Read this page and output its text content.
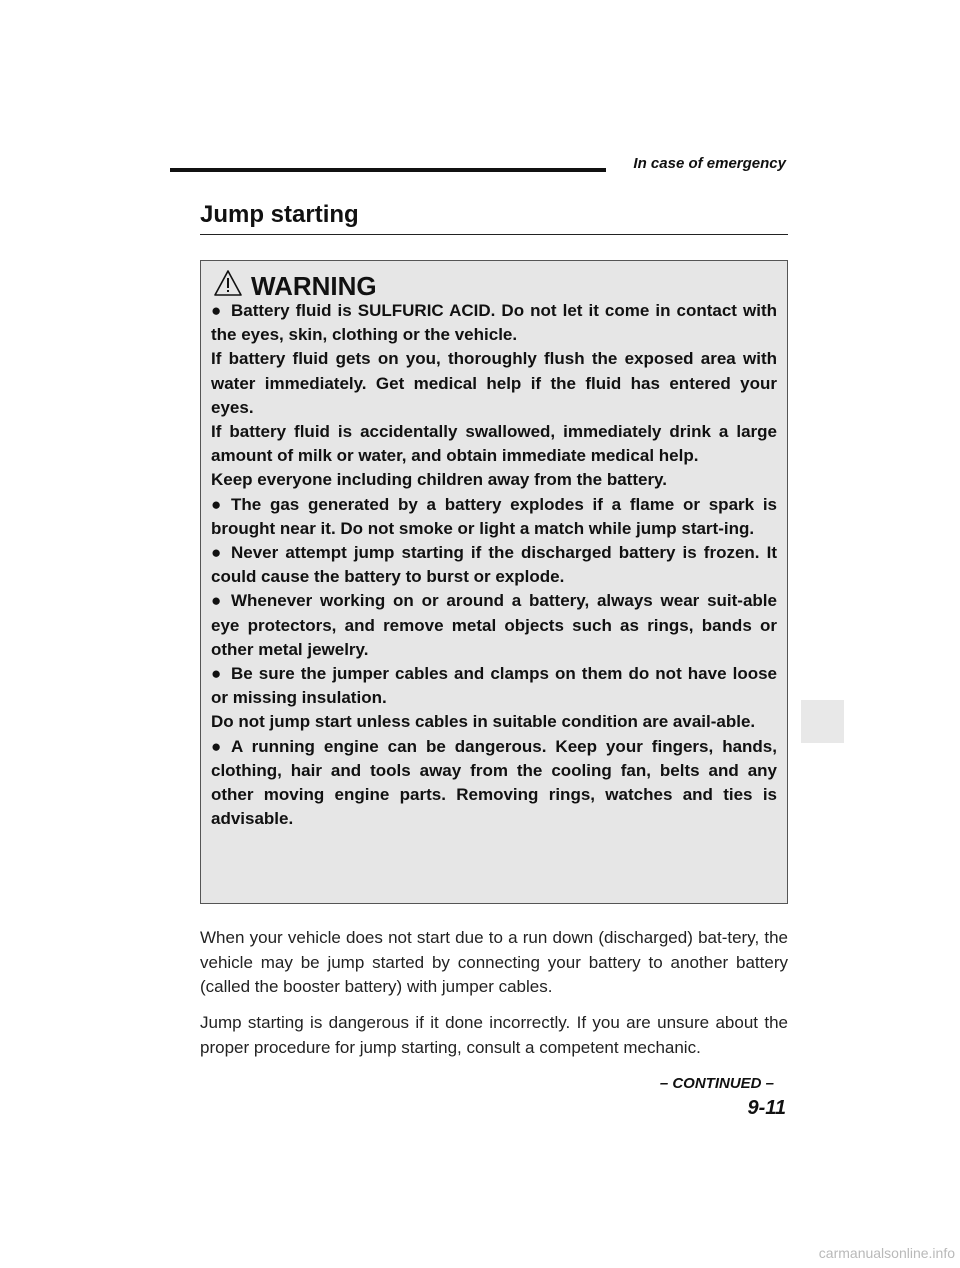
In case of emergency
Jump starting
WARNING

● Battery fluid is SULFURIC ACID. Do not let it come in contact with the eyes, skin, clothing or the vehicle.

If battery fluid gets on you, thoroughly flush the exposed area with water immediately. Get medical help if the fluid has entered your eyes.

If battery fluid is accidentally swallowed, immediately drink a large amount of milk or water, and obtain immediate medical help.

Keep everyone including children away from the battery.

● The gas generated by a battery explodes if a flame or spark is brought near it. Do not smoke or light a match while jump start-ing.

● Never attempt jump starting if the discharged battery is frozen. It could cause the battery to burst or explode.

● Whenever working on or around a battery, always wear suit-able eye protectors, and remove metal objects such as rings, bands or other metal jewelry.

● Be sure the jumper cables and clamps on them do not have loose or missing insulation.

Do not jump start unless cables in suitable condition are avail-able.

● A running engine can be dangerous. Keep your fingers, hands, clothing, hair and tools away from the cooling fan, belts and any other moving engine parts. Removing rings, watches and ties is advisable.

When your vehicle does not start due to a run down (discharged) bat-tery, the vehicle may be jump started by connecting your battery to another battery (called the booster battery) with jumper cables.

Jump starting is dangerous if it done incorrectly. If you are unsure about the proper procedure for jump starting, consult a competent mechanic.

– CONTINUED –
9-11
carmanualsonline.info
